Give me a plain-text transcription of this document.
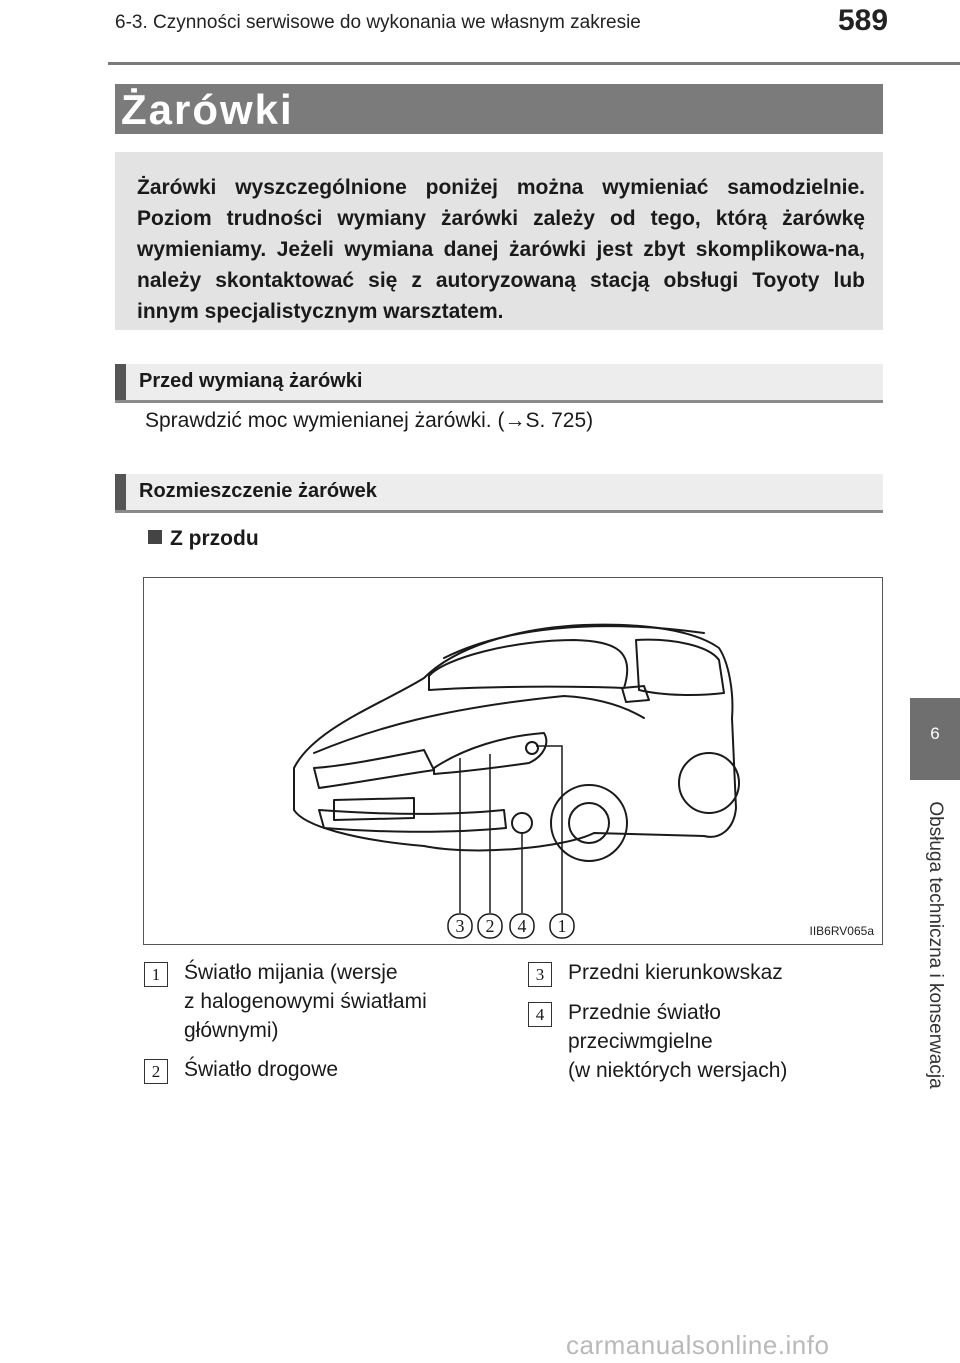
6-3. Czynności serwisowe do wykonania we własnym zakresie	589
Żarówki
Żarówki wyszczególnione poniżej można wymieniać samodzielnie. Poziom trudności wymiany żarówki zależy od tego, którą żarówkę wymieniamy. Jeżeli wymiana danej żarówki jest zbyt skomplikowa-na, należy skontaktować się z autoryzowaną stacją obsługi Toyoty lub innym specjalistycznym warsztatem.
Przed wymianą żarówki
Sprawdzić moc wymienianej żarówki. (→S. 725)
Rozmieszczenie żarówek
Z przodu
3 2 4 1	IIB6RV065a
1	Światło mijania (wersje
z halogenowymi światłami
głównymi)
2	Światło drogowe
3	Przedni kierunkowskaz
4	Przednie światło
przeciwmgielne
(w niektórych wersjach)
6
Obsługa techniczna i konserwacja
carmanualsonline.info
